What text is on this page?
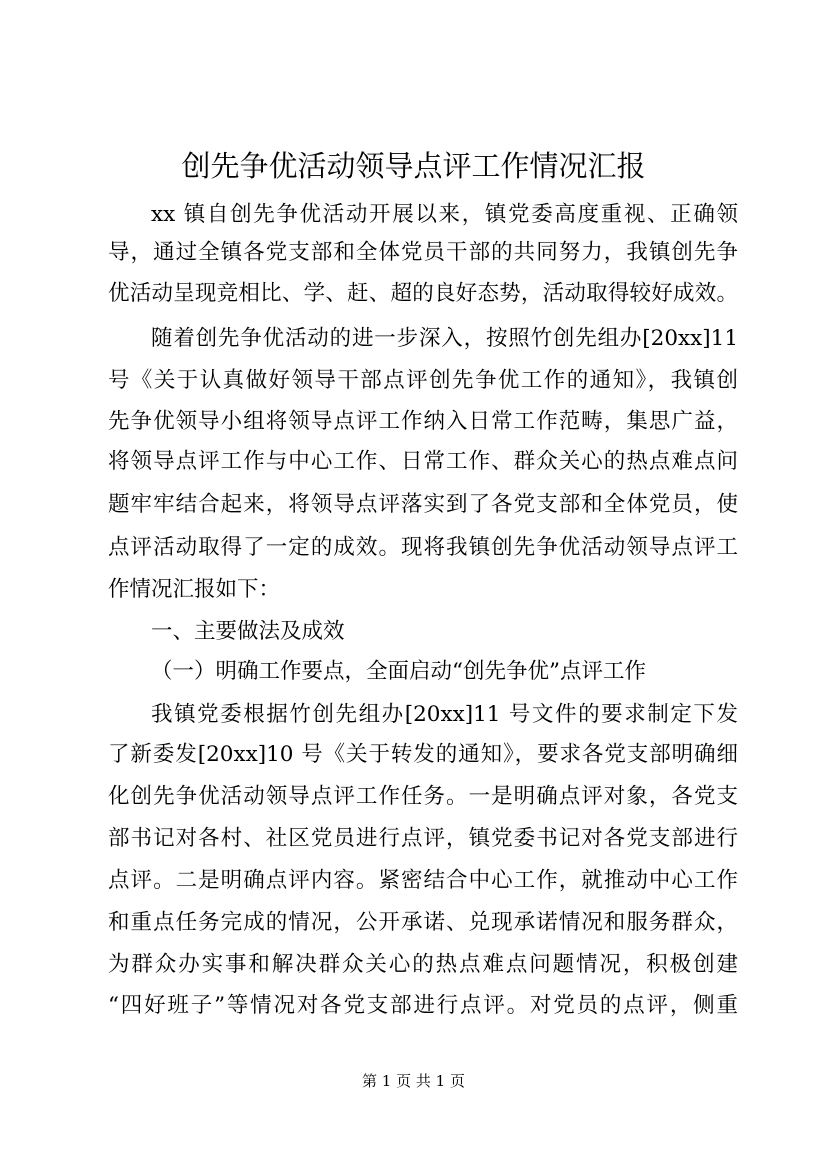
创先争优活动领导点评工作情况汇报
xx 镇自创先争优活动开展以来，镇党委高度重视、正确领
导，通过全镇各党支部和全体党员干部的共同努力，我镇创先争
优活动呈现竞相比、学、赶、超的良好态势，活动取得较好成效。
随着创先争优活动的进一步深入，按照竹创先组办[20xx]11
号《关于认真做好领导干部点评创先争优工作的通知》，我镇创
先争优领导小组将领导点评工作纳入日常工作范畴，集思广益，
将领导点评工作与中心工作、日常工作、群众关心的热点难点问
题牢牢结合起来，将领导点评落实到了各党支部和全体党员，使
点评活动取得了一定的成效。现将我镇创先争优活动领导点评工
作情况汇报如下：
一、主要做法及成效
（一）明确工作要点，全面启动“创先争优”点评工作
我镇党委根据竹创先组办[20xx]11 号文件的要求制定下发
了新委发[20xx]10 号《关于转发的通知》，要求各党支部明确细
化创先争优活动领导点评工作任务。一是明确点评对象，各党支
部书记对各村、社区党员进行点评，镇党委书记对各党支部进行
点评。二是明确点评内容。紧密结合中心工作，就推动中心工作
和重点任务完成的情况，公开承诺、兑现承诺情况和服务群众，
为群众办实事和解决群众关心的热点难点问题情况，积极创建
“四好班子”等情况对各党支部进行点评。对党员的点评，侧重
第 1 页 共 1 页
